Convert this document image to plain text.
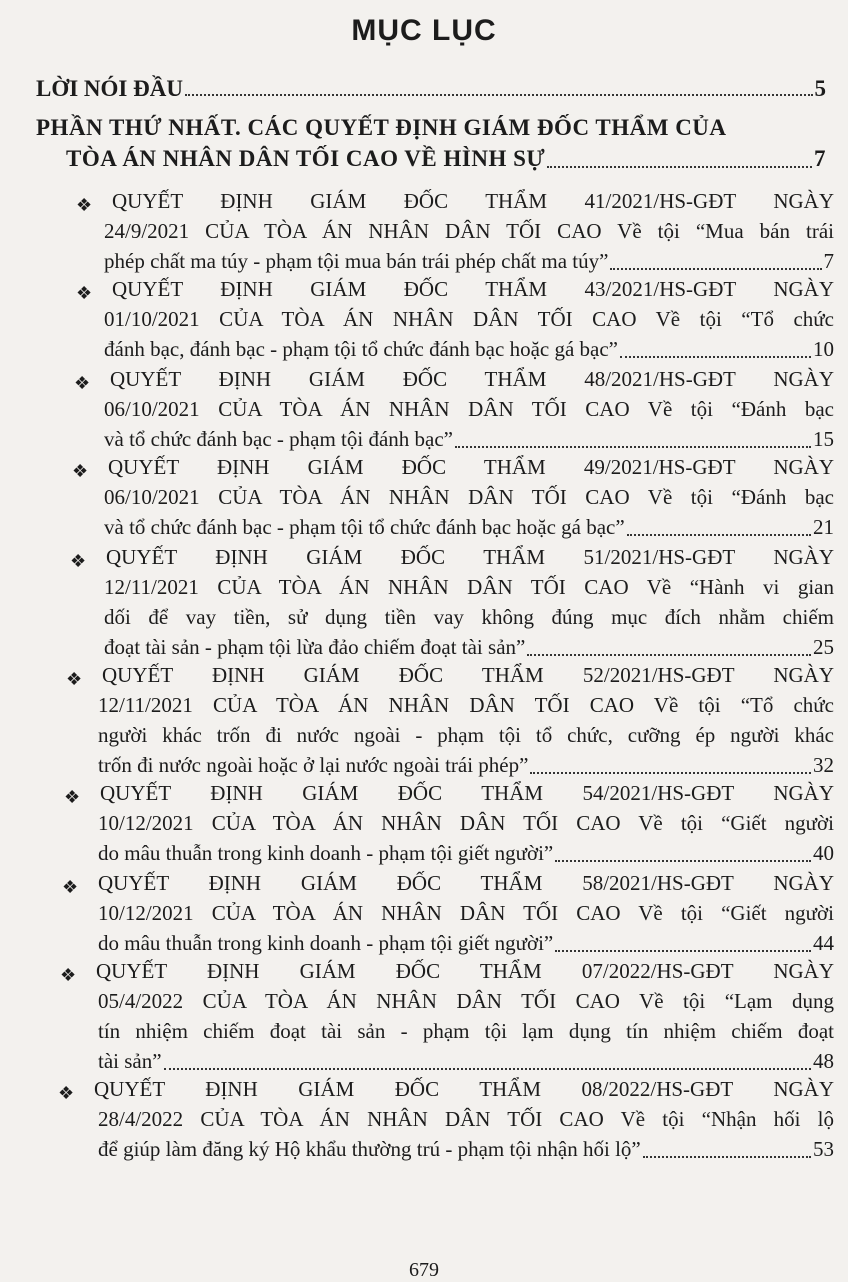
MỤC LỤC
LỜI NÓI ĐẦU	5
PHẦN THỨ NHẤT. CÁC QUYẾT ĐỊNH GIÁM ĐỐC THẨM CỦA
TÒA ÁN NHÂN DÂN TỐI CAO VỀ HÌNH SỰ	7
❖ QUYẾT ĐỊNH GIÁM ĐỐC THẨM 41/2021/HS-GĐT NGÀY
24/9/2021 CỦA TÒA ÁN NHÂN DÂN TỐI CAO Về tội “Mua bán trái
phép chất ma túy - phạm tội mua bán trái phép chất ma túy”	7
❖ QUYẾT ĐỊNH GIÁM ĐỐC THẨM 43/2021/HS-GĐT NGÀY
01/10/2021 CỦA TÒA ÁN NHÂN DÂN TỐI CAO Về tội “Tổ chức
đánh bạc, đánh bạc - phạm tội tổ chức đánh bạc hoặc gá bạc”	10
❖ QUYẾT ĐỊNH GIÁM ĐỐC THẨM 48/2021/HS-GĐT NGÀY
06/10/2021 CỦA TÒA ÁN NHÂN DÂN TỐI CAO Về tội “Đánh bạc
và tổ chức đánh bạc - phạm tội đánh bạc”	15
❖ QUYẾT ĐỊNH GIÁM ĐỐC THẨM 49/2021/HS-GĐT NGÀY
06/10/2021 CỦA TÒA ÁN NHÂN DÂN TỐI CAO Về tội “Đánh bạc
và tổ chức đánh bạc - phạm tội tổ chức đánh bạc hoặc gá bạc”	21
❖ QUYẾT ĐỊNH GIÁM ĐỐC THẨM 51/2021/HS-GĐT NGÀY
12/11/2021 CỦA TÒA ÁN NHÂN DÂN TỐI CAO Về “Hành vi gian
dối để vay tiền, sử dụng tiền vay không đúng mục đích nhằm chiếm
đoạt tài sản - phạm tội lừa đảo chiếm đoạt tài sản”	25
❖ QUYẾT ĐỊNH GIÁM ĐỐC THẨM 52/2021/HS-GĐT NGÀY
12/11/2021 CỦA TÒA ÁN NHÂN DÂN TỐI CAO Về tội “Tổ chức
người khác trốn đi nước ngoài - phạm tội tổ chức, cưỡng ép người khác
trốn đi nước ngoài hoặc ở lại nước ngoài trái phép”	32
❖ QUYẾT ĐỊNH GIÁM ĐỐC THẨM 54/2021/HS-GĐT NGÀY
10/12/2021 CỦA TÒA ÁN NHÂN DÂN TỐI CAO Về tội “Giết người
do mâu thuẫn trong kinh doanh - phạm tội giết người”	40
❖ QUYẾT ĐỊNH GIÁM ĐỐC THẨM 58/2021/HS-GĐT NGÀY
10/12/2021 CỦA TÒA ÁN NHÂN DÂN TỐI CAO Về tội “Giết người
do mâu thuẫn trong kinh doanh - phạm tội giết người”	44
❖ QUYẾT ĐỊNH GIÁM ĐỐC THẨM 07/2022/HS-GĐT NGÀY
05/4/2022 CỦA TÒA ÁN NHÂN DÂN TỐI CAO Về tội “Lạm dụng
tín nhiệm chiếm đoạt tài sản - phạm tội lạm dụng tín nhiệm chiếm đoạt
tài sản”	48
❖ QUYẾT ĐỊNH GIÁM ĐỐC THẨM 08/2022/HS-GĐT NGÀY
28/4/2022 CỦA TÒA ÁN NHÂN DÂN TỐI CAO Về tội “Nhận hối lộ
để giúp làm đăng ký Hộ khẩu thường trú - phạm tội nhận hối lộ”	53
679
